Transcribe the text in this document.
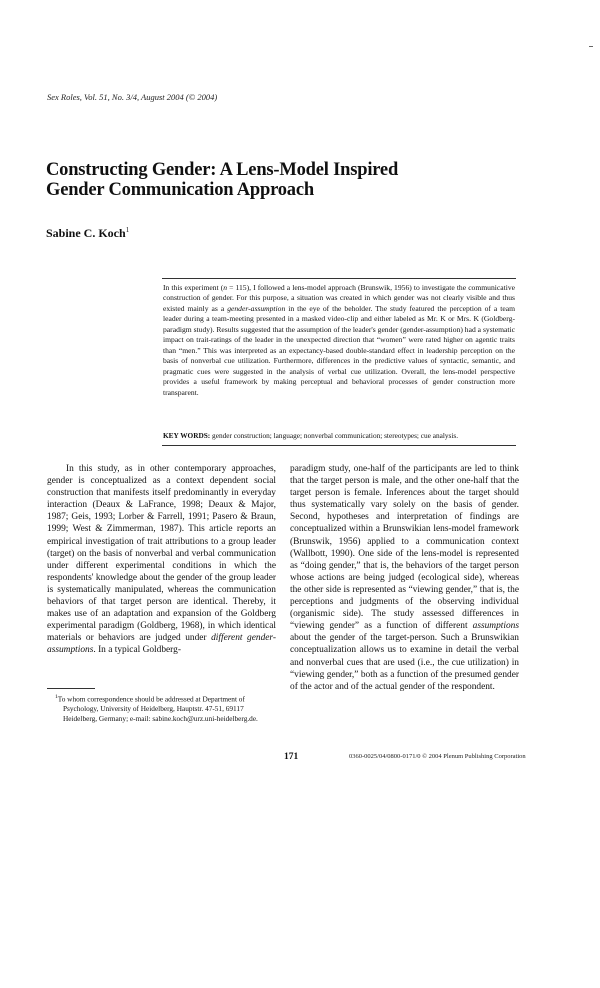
Sex Roles, Vol. 51, No. 3/4, August 2004 (© 2004)
Constructing Gender: A Lens-Model Inspired
Gender Communication Approach
Sabine C. Koch$^1$

In this experiment (n = 115), I followed a lens-model approach (Brunswik, 1956) to investigate the communicative construction of gender. For this purpose, a situation was created in which gender was not clearly visible and thus existed mainly as a gender-assumption in the eye of the beholder. The study featured the perception of a team leader during a team-meeting presented in a masked video-clip and either labeled as Mr. K or Mrs. K (Goldberg-paradigm study). Results suggested that the assumption of the leader's gender (gender-assumption) had a systematic impact on trait-ratings of the leader in the unexpected direction that “women” were rated higher on agentic traits than “men.” This was interpreted as an expectancy-based double-standard effect in leadership perception on the basis of nonverbal cue utilization. Furthermore, differences in the predictive values of syntactic, semantic, and pragmatic cues were suggested in the analysis of verbal cue utilization. Overall, the lens-model perspective provides a useful framework by making perceptual and behavioral processes of gender construction more transparent.

KEY WORDS: gender construction; language; nonverbal communication; stereotypes; cue analysis.

In this study, as in other contemporary approaches, gender is conceptualized as a context dependent social construction that manifests itself predominantly in everyday interaction (Deaux & LaFrance, 1998; Deaux & Major, 1987; Geis, 1993; Lorber & Farrell, 1991; Pasero & Braun, 1999; West & Zimmerman, 1987). This article reports an empirical investigation of trait attributions to a group leader (target) on the basis of nonverbal and verbal communication under different experimental conditions in which the respondents' knowledge about the gender of the group leader is systematically manipulated, whereas the communication behaviors of that target person are identical. Thereby, it makes use of an adaptation and expansion of the Goldberg experimental paradigm (Goldberg, 1968), in which identical materials or behaviors are judged under different gender-assumptions. In a typical Goldberg-

paradigm study, one-half of the participants are led to think that the target person is male, and the other one-half that the target person is female. Inferences about the target should thus systematically vary solely on the basis of gender. Second, hypotheses and interpretation of findings are conceptualized within a Brunswikian lens-model framework (Brunswik, 1956) applied to a communication context (Wallbott, 1990). One side of the lens-model is represented as “doing gender,” that is, the behaviors of the target person whose actions are being judged (ecological side), whereas the other side is represented as “viewing gender,” that is, the perceptions and judgments of the observing individual (organismic side). The study assessed differences in “viewing gender” as a function of different assumptions about the gender of the target-person. Such a Brunswikian conceptualization allows us to examine in detail the verbal and nonverbal cues that are used (i.e., the cue utilization) in “viewing gender,” both as a function of the presumed gender of the actor and of the actual gender of the respondent.

$^1$To whom correspondence should be addressed at Department of Psychology, University of Heidelberg, Hauptstr. 47-51, 69117 Heidelberg, Germany; e-mail: sabine.koch@urz.uni-heidelberg.de.
171	0360-0025/04/0800-0171/0 © 2004 Plenum Publishing Corporation
